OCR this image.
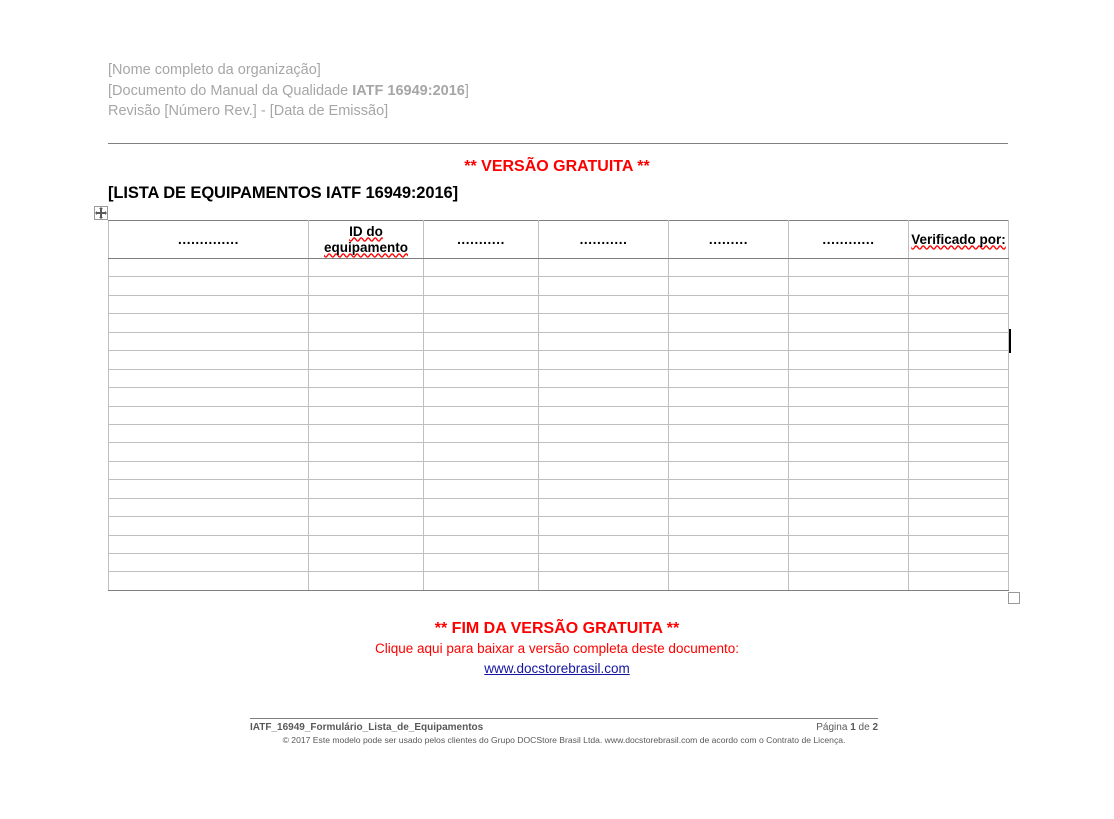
[Nome completo da organização]
[Documento do Manual da Qualidade IATF 16949:2016]
Revisão [Número Rev.] - [Data de Emissão]
** VERSÃO GRATUITA **
[LISTA DE EQUIPAMENTOS IATF 16949:2016]
..............	ID do equipamento	...........	...........	.........	............	Verificado por:

** FIM DA VERSÃO GRATUITA **
Clique aqui para baixar a versão completa deste documento:
www.docstorebrasil.com
IATF_16949_Formulário_Lista_de_Equipamentos	Página 1 de 2
© 2017 Este modelo pode ser usado pelos clientes do Grupo DOCStore Brasil Ltda. www.docstorebrasil.com de acordo com o Contrato de Licença.
